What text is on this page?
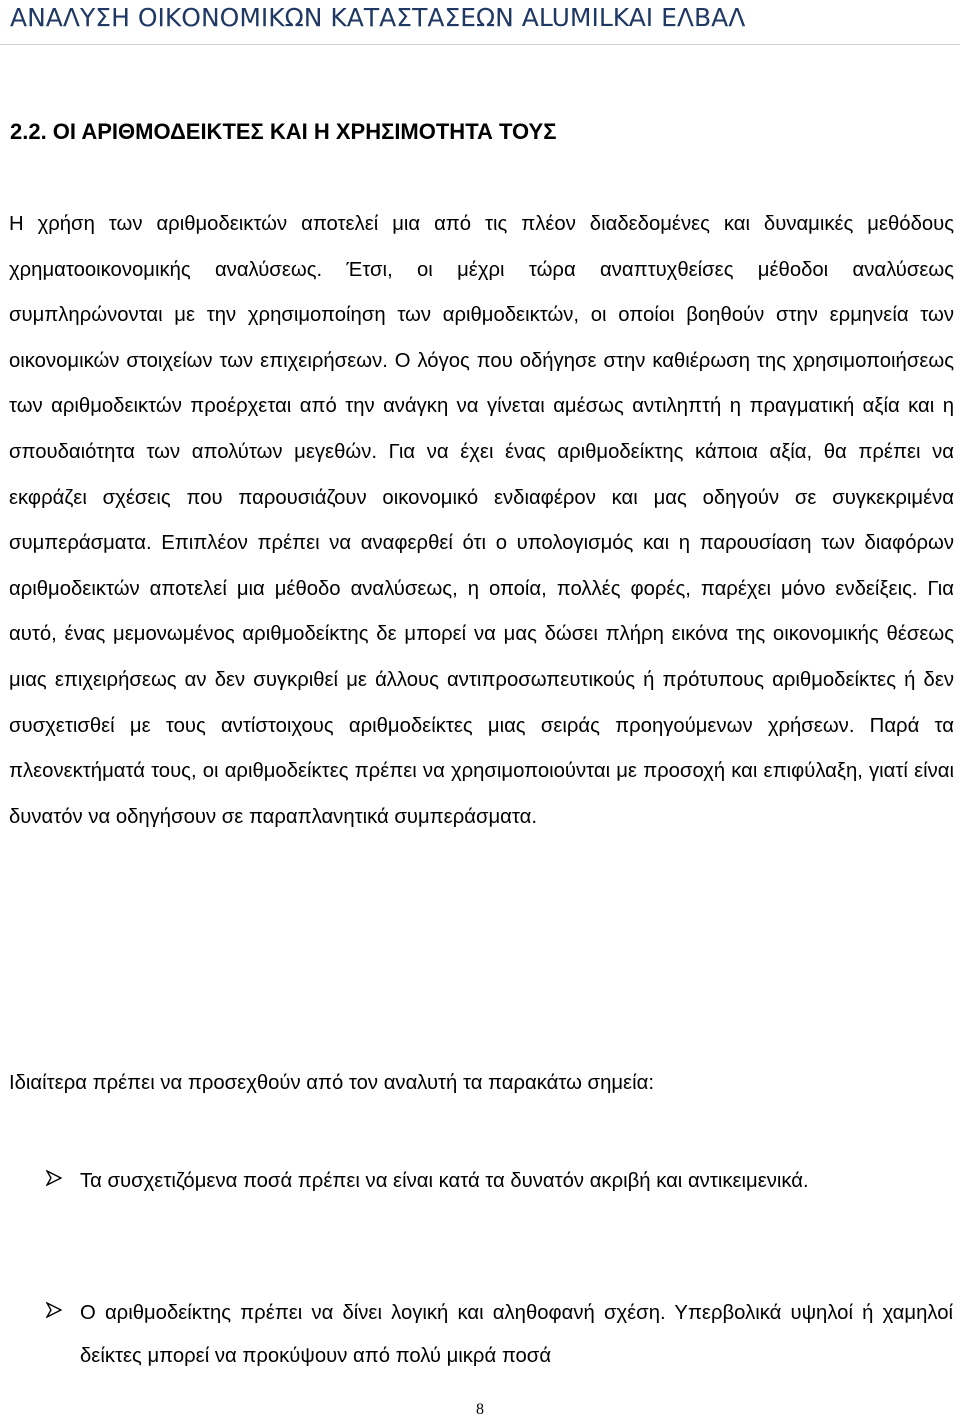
ΑΝΑΛΥΣΗ ΟΙΚΟΝΟΜΙΚΩΝ ΚΑΤΑΣΤΑΣΕΩΝ ALUMILKAI ΕΛΒΑΛ
2.2. ΟΙ ΑΡΙΘΜΟΔΕΙΚΤΕΣ ΚΑΙ Η ΧΡΗΣΙΜΟΤΗΤΑ ΤΟΥΣ

Η χρήση των αριθμοδεικτών αποτελεί μια από τις πλέον διαδεδομένες και δυναμικές μεθόδους χρηματοοικονομικής αναλύσεως. Έτσι, οι μέχρι τώρα αναπτυχθείσες μέθοδοι αναλύσεως συμπληρώνονται με την χρησιμοποίηση των αριθμοδεικτών, οι οποίοι βοηθούν στην ερμηνεία των οικονομικών στοιχείων των επιχειρήσεων. Ο λόγος που οδήγησε στην καθιέρωση της χρησιμοποιήσεως των αριθμοδεικτών προέρχεται από την ανάγκη να γίνεται αμέσως αντιληπτή η πραγματική αξία και η σπουδαιότητα των απολύτων μεγεθών. Για να έχει ένας αριθμοδείκτης κάποια αξία, θα πρέπει να εκφράζει σχέσεις που παρουσιάζουν οικονομικό ενδιαφέρον και μας οδηγούν σε συγκεκριμένα συμπεράσματα. Επιπλέον πρέπει να αναφερθεί ότι ο υπολογισμός και η παρουσίαση των διαφόρων αριθμοδεικτών αποτελεί μια μέθοδο αναλύσεως, η οποία, πολλές φορές, παρέχει μόνο ενδείξεις. Για αυτό, ένας μεμονωμένος αριθμοδείκτης δε μπορεί να μας δώσει πλήρη εικόνα της οικονομικής θέσεως μιας επιχειρήσεως αν δεν συγκριθεί με άλλους αντιπροσωπευτικούς ή πρότυπους αριθμοδείκτες ή δεν συσχετισθεί με τους αντίστοιχους αριθμοδείκτες μιας σειράς προηγούμενων χρήσεων. Παρά τα πλεονεκτήματά τους, οι αριθμοδείκτες πρέπει να χρησιμοποιούνται με προσοχή και επιφύλαξη, γιατί είναι δυνατόν να οδηγήσουν σε παραπλανητικά συμπεράσματα.

Ιδιαίτερα πρέπει να προσεχθούν από τον αναλυτή τα παρακάτω σημεία:

Τα συσχετιζόμενα ποσά πρέπει να είναι κατά τα δυνατόν ακριβή και αντικειμενικά.

Ο αριθμοδείκτης πρέπει να δίνει λογική και αληθοφανή σχέση. Υπερβολικά υψηλοί ή χαμηλοί δείκτες μπορεί να προκύψουν από πολύ μικρά ποσά

8
